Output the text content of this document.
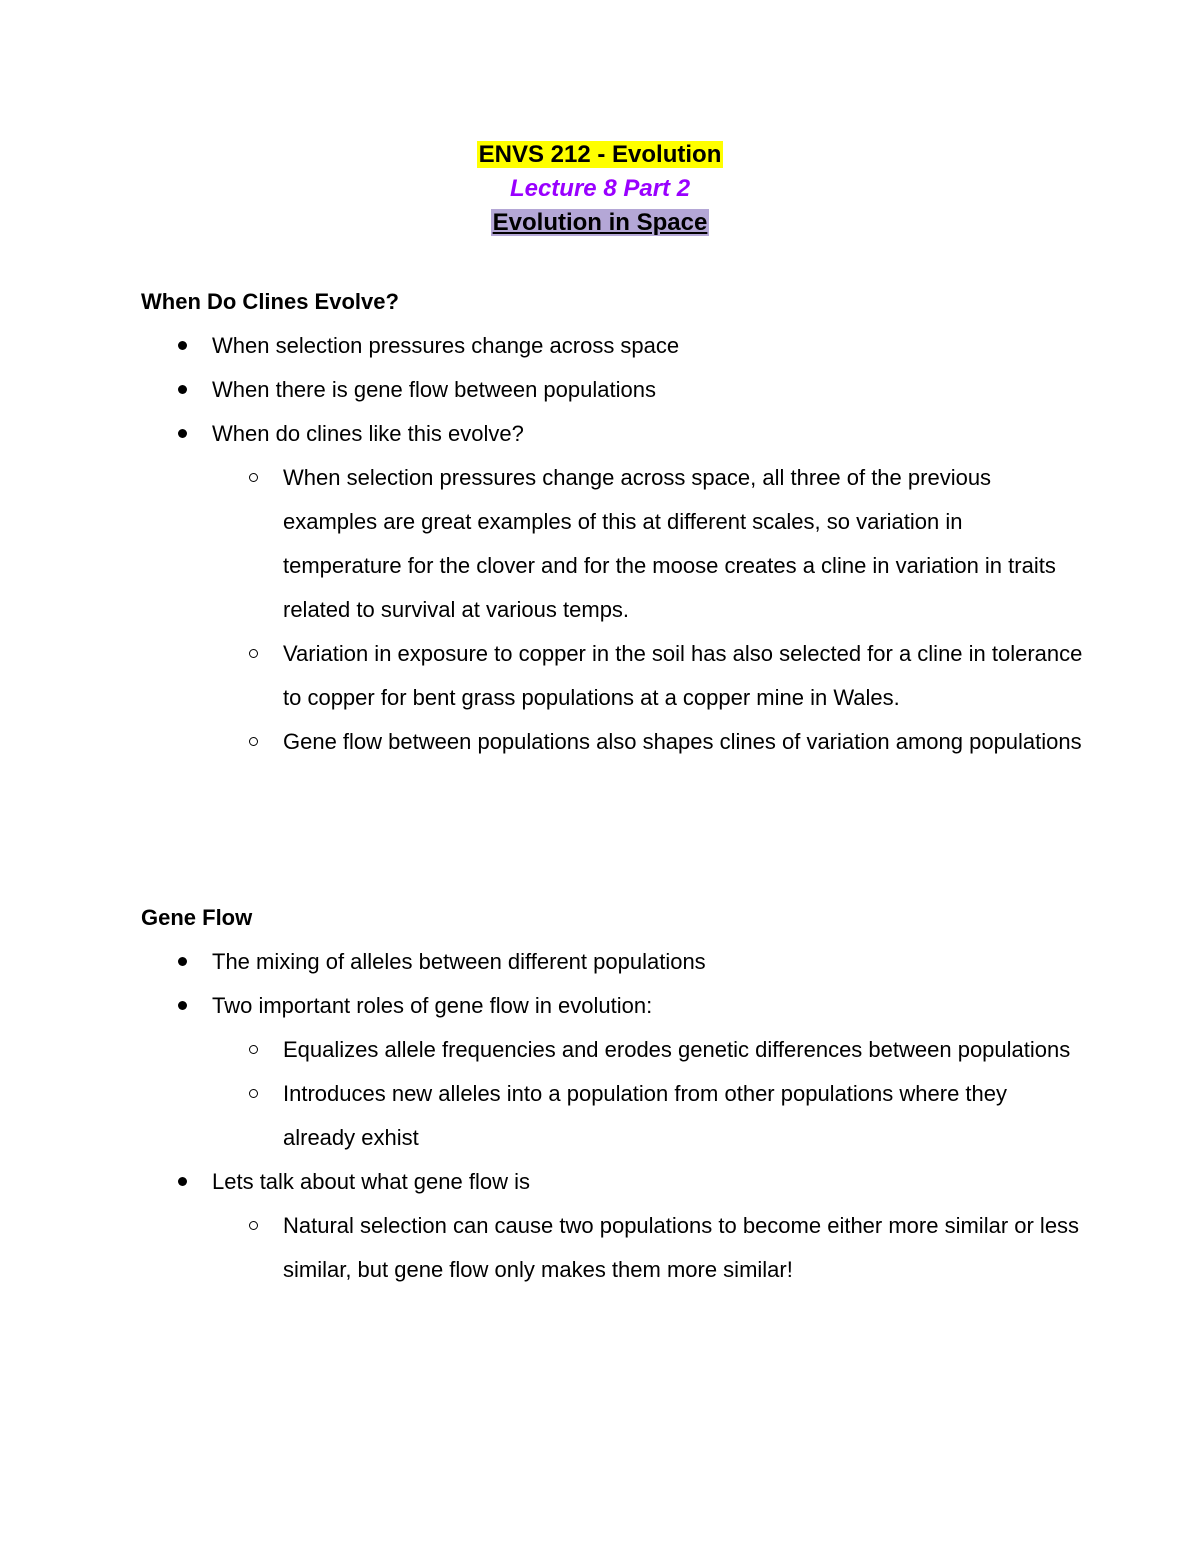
ENVS 212 - Evolution
Lecture 8 Part 2
Evolution in Space
When Do Clines Evolve?
When selection pressures change across space
When there is gene flow between populations
When do clines like this evolve?
When selection pressures change across space, all three of the previous examples are great examples of this at different scales, so variation in temperature for the clover and for the moose creates a cline in variation in traits related to survival at various temps.
Variation in exposure to copper in the soil has also selected for a cline in tolerance to copper for bent grass populations at a copper mine in Wales.
Gene flow between populations also shapes clines of variation among populations
Gene Flow
The mixing of alleles between different populations
Two important roles of gene flow in evolution:
Equalizes allele frequencies and erodes genetic differences between populations
Introduces new alleles into a population from other populations where they already exhist
Lets talk about what gene flow is
Natural selection can cause two populations to become either more similar or less similar, but gene flow only makes them more similar!
